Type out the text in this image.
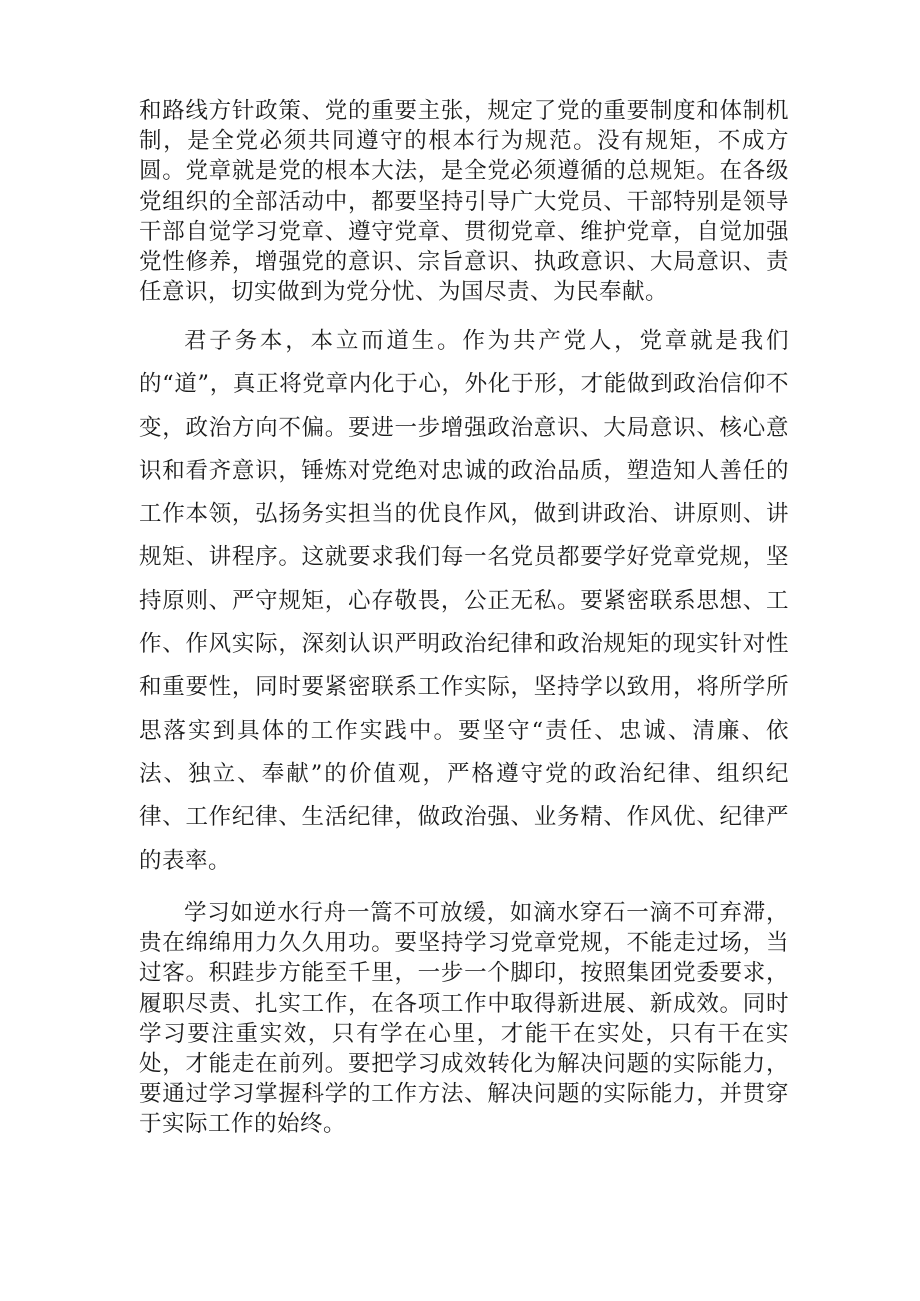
和路线方针政策、党的重要主张，规定了党的重要制度和体制机制，是全党必须共同遵守的根本行为规范。没有规矩，不成方圆。党章就是党的根本大法，是全党必须遵循的总规矩。在各级党组织的全部活动中，都要坚持引导广大党员、干部特别是领导干部自觉学习党章、遵守党章、贯彻党章、维护党章，自觉加强党性修养，增强党的意识、宗旨意识、执政意识、大局意识、责任意识，切实做到为党分忧、为国尽责、为民奉献。

君子务本，本立而道生。作为共产党人，党章就是我们的“道”，真正将党章内化于心，外化于形，才能做到政治信仰不变，政治方向不偏。要进一步增强政治意识、大局意识、核心意识和看齐意识，锤炼对党绝对忠诚的政治品质，塑造知人善任的工作本领，弘扬务实担当的优良作风，做到讲政治、讲原则、讲规矩、讲程序。这就要求我们每一名党员都要学好党章党规，坚持原则、严守规矩，心存敬畏，公正无私。要紧密联系思想、工作、作风实际，深刻认识严明政治纪律和政治规矩的现实针对性和重要性，同时要紧密联系工作实际，坚持学以致用，将所学所思落实到具体的工作实践中。要坚守“责任、忠诚、清廉、依法、独立、奉献”的价值观，严格遵守党的政治纪律、组织纪律、工作纪律、生活纪律，做政治强、业务精、作风优、纪律严的表率。

学习如逆水行舟一篙不可放缓，如滴水穿石一滴不可弃滞，贵在绵绵用力久久用功。要坚持学习党章党规，不能走过场，当过客。积跬步方能至千里，一步一个脚印，按照集团党委要求，履职尽责、扎实工作，在各项工作中取得新进展、新成效。同时学习要注重实效，只有学在心里，才能干在实处，只有干在实处，才能走在前列。要把学习成效转化为解决问题的实际能力，要通过学习掌握科学的工作方法、解决问题的实际能力，并贯穿于实际工作的始终。
